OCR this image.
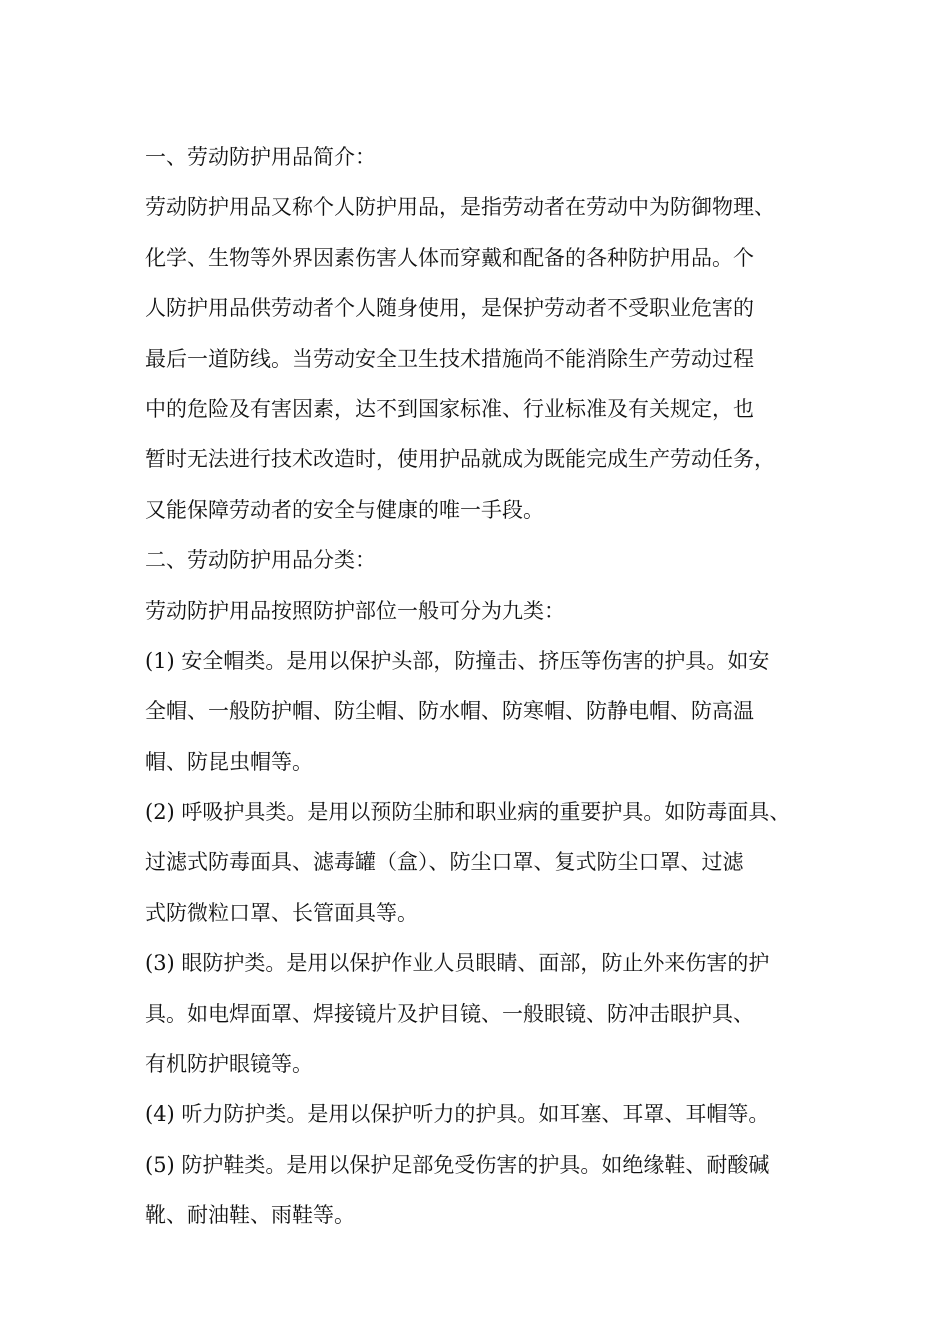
一、劳动防护用品简介：
劳动防护用品又称个人防护用品，是指劳动者在劳动中为防御物理、
化学、生物等外界因素伤害人体而穿戴和配备的各种防护用品。个
人防护用品供劳动者个人随身使用，是保护劳动者不受职业危害的
最后一道防线。当劳动安全卫生技术措施尚不能消除生产劳动过程
中的危险及有害因素，达不到国家标准、行业标准及有关规定，也
暂时无法进行技术改造时，使用护品就成为既能完成生产劳动任务，
又能保障劳动者的安全与健康的唯一手段。
二、劳动防护用品分类：
劳动防护用品按照防护部位一般可分为九类：
(1) 安全帽类。是用以保护头部，防撞击、挤压等伤害的护具。如安
全帽、一般防护帽、防尘帽、防水帽、防寒帽、防静电帽、防高温
帽、防昆虫帽等。
(2) 呼吸护具类。是用以预防尘肺和职业病的重要护具。如防毒面具、
过滤式防毒面具、滤毒罐（盒）、防尘口罩、复式防尘口罩、过滤
式防微粒口罩、长管面具等。
(3) 眼防护类。是用以保护作业人员眼睛、面部，防止外来伤害的护
具。如电焊面罩、焊接镜片及护目镜、一般眼镜、防冲击眼护具、
有机防护眼镜等。
(4) 听力防护类。是用以保护听力的护具。如耳塞、耳罩、耳帽等。
(5) 防护鞋类。是用以保护足部免受伤害的护具。如绝缘鞋、耐酸碱
靴、耐油鞋、雨鞋等。
